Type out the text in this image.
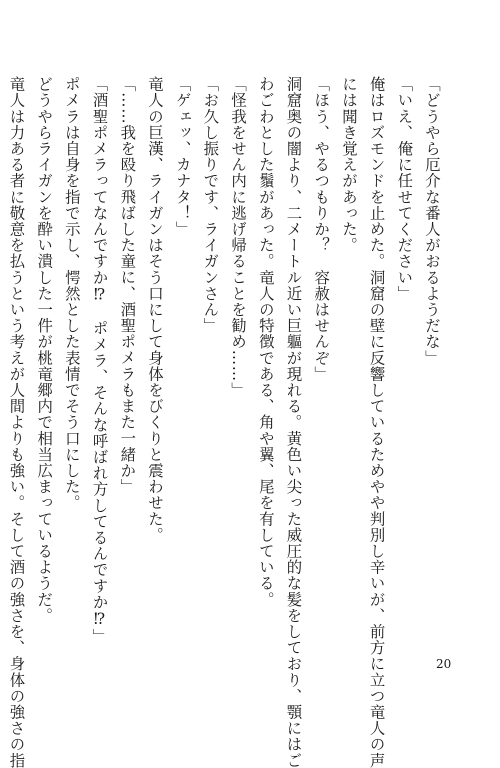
「どうやら厄介な番人がおるようだな」
「いえ、俺に任せてください」
俺はロズモンドを止めた。洞窟の壁に反響しているためやや判別し辛いが、前方に立つ竜人の声
には聞き覚えがあった。
「ほう、やるつもりか？　容赦はせんぞ」
洞窟奥の闇より、二メートル近い巨軀が現れる。黄色い尖った威圧的な髪をしており、顎にはご
わごわとした鬚があった。竜人の特徴である、角や翼、尾を有している。
「怪我をせん内に逃げ帰ることを勧め……」
「お久し振りです、ライガンさん」
「ゲェッ、カナタ！」
竜人の巨漢、ライガンはそう口にして身体をびくりと震わせた。
「……我を殴り飛ばした童に、酒聖ポメラもまた一緒か」
「酒聖ポメラってなんですか⁉　ポメラ、そんな呼ばれ方してるんですか⁉」
ポメラは自身を指で示し、愕然とした表情でそう口にした。
どうやらライガンを酔い潰した一件が桃竜郷内で相当広まっているようだ。
竜人は力ある者に敬意を払うという考えが人間よりも強い。そして酒の強さを、身体の強さの指	20
